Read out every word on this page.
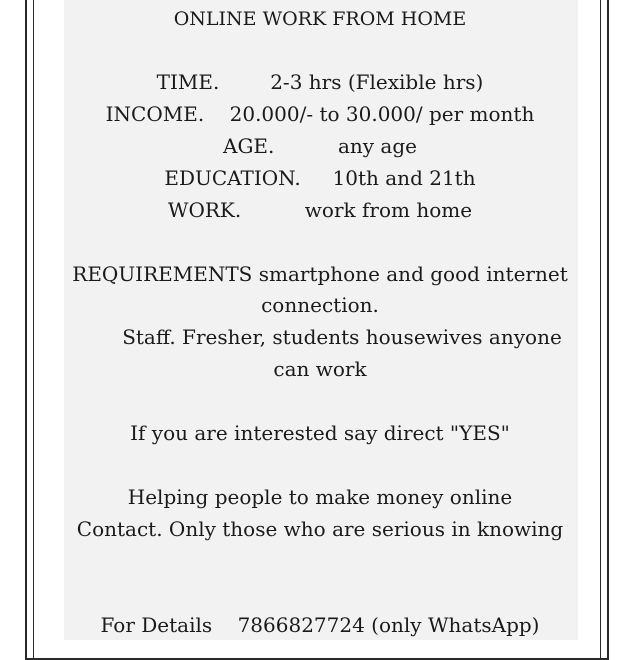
ONLINE WORK FROM HOME
TIME.        2-3 hrs (Flexible hrs)
INCOME.    20.000/- to 30.000/ per month
AGE.          any age
EDUCATION.     10th and 21th
WORK.          work from home
REQUIREMENTS smartphone and good internet
connection.
Staff. Fresher, students housewives anyone
can work
If you are interested say direct "YES"
Helping people to make money online
Contact. Only those who are serious in knowing
For Details    7866827724 (only WhatsApp)
